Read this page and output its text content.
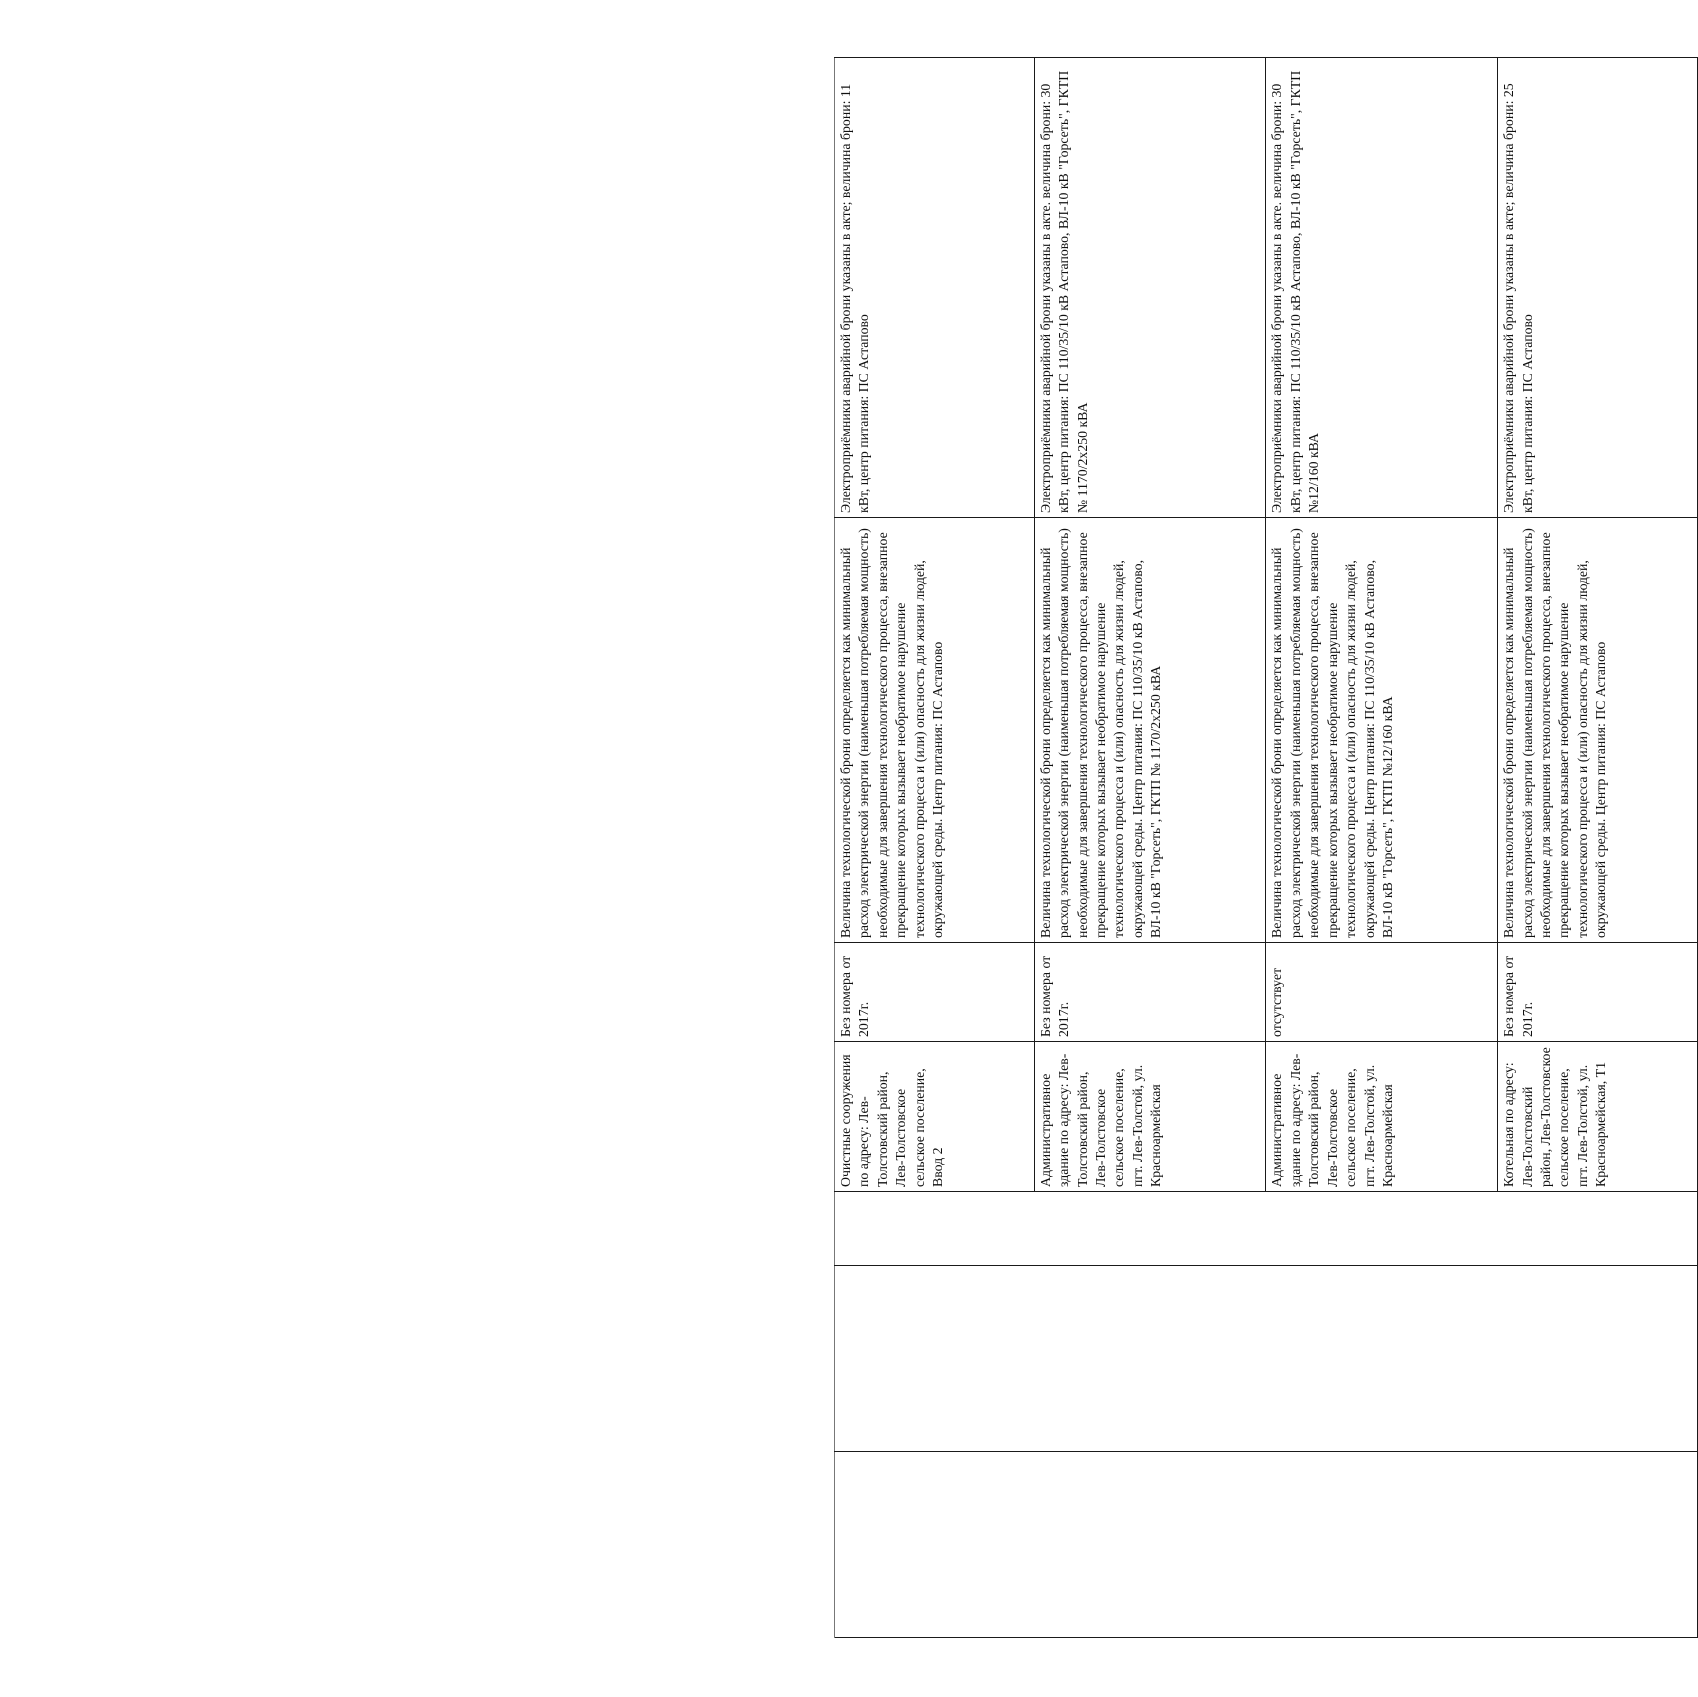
			Очистные сооружения по адресу: Лев-Толстовский район, Лев-Толстовское сельское поселение, Ввод 2	Без номера от 2017г.	Величина технологической брони определяется как минимальный расход электрической энергии (наименьшая потребляемая мощность) необходимые для завершения технологического процесса, внезапное прекращение которых вызывает необратимое нарушение технологического процесса и (или) опасность для жизни людей, окружающей среды. Центр питания: ПС Астапово	Электроприёмники аварийной брони указаны в акте; величина брони: 11 кВт, центр питания: ПС Астапово
			Административное здание по адресу: Лев-Толстовский район, Лев-Толстовское сельское поселение, пгт. Лев-Толстой, ул. Красноармейская	Без номера от 2017г.	Величина технологической брони определяется как минимальный расход электрической энергии (наименьшая потребляемая мощность) необходимые для завершения технологического процесса, внезапное прекращение которых вызывает необратимое нарушение технологического процесса и (или) опасность для жизни людей, окружающей среды. Центр питания: ПС 110/35/10 кВ Астапово, ВЛ-10 кВ "Горсеть", ГКТП № 1170/2х250 кВА	Электроприёмники аварийной брони указаны в акте. величина брони: 30 кВт, центр питания: ПС 110/35/10 кВ Астапово, ВЛ-10 кВ "Горсеть", ГКТП № 1170/2х250 кВА
			Административное здание по адресу: Лев-Толстовский район, Лев-Толстовское сельское поселение, пгт. Лев-Толстой, ул. Красноармейская	отсутствует	Величина технологической брони определяется как минимальный расход электрической энергии (наименьшая потребляемая мощность) необходимые для завершения технологического процесса, внезапное прекращение которых вызывает необратимое нарушение технологического процесса и (или) опасность для жизни людей, окружающей среды. Центр питания: ПС 110/35/10 кВ Астапово, ВЛ-10 кВ "Горсеть", ГКТП №12/160 кВА	Электроприёмники аварийной брони указаны в акте. величина брони: 30 кВт, центр питания: ПС 110/35/10 кВ Астапово, ВЛ-10 кВ "Горсеть", ГКТП №12/160 кВА
			Котельная по адресу: Лев-Толстовский район, Лев-Толстовское сельское поселение, пгт. Лев-Толстой, ул. Красноармейская, Т1	Без номера от 2017г.	Величина технологической брони определяется как минимальный расход электрической энергии (наименьшая потребляемая мощность) необходимые для завершения технологического процесса, внезапное прекращение которых вызывает необратимое нарушение технологического процесса и (или) опасность для жизни людей, окружающей среды. Центр питания: ПС Астапово	Электроприёмники аварийной брони указаны в акте; величина брони: 25 кВт, центр питания: ПС Астапово
